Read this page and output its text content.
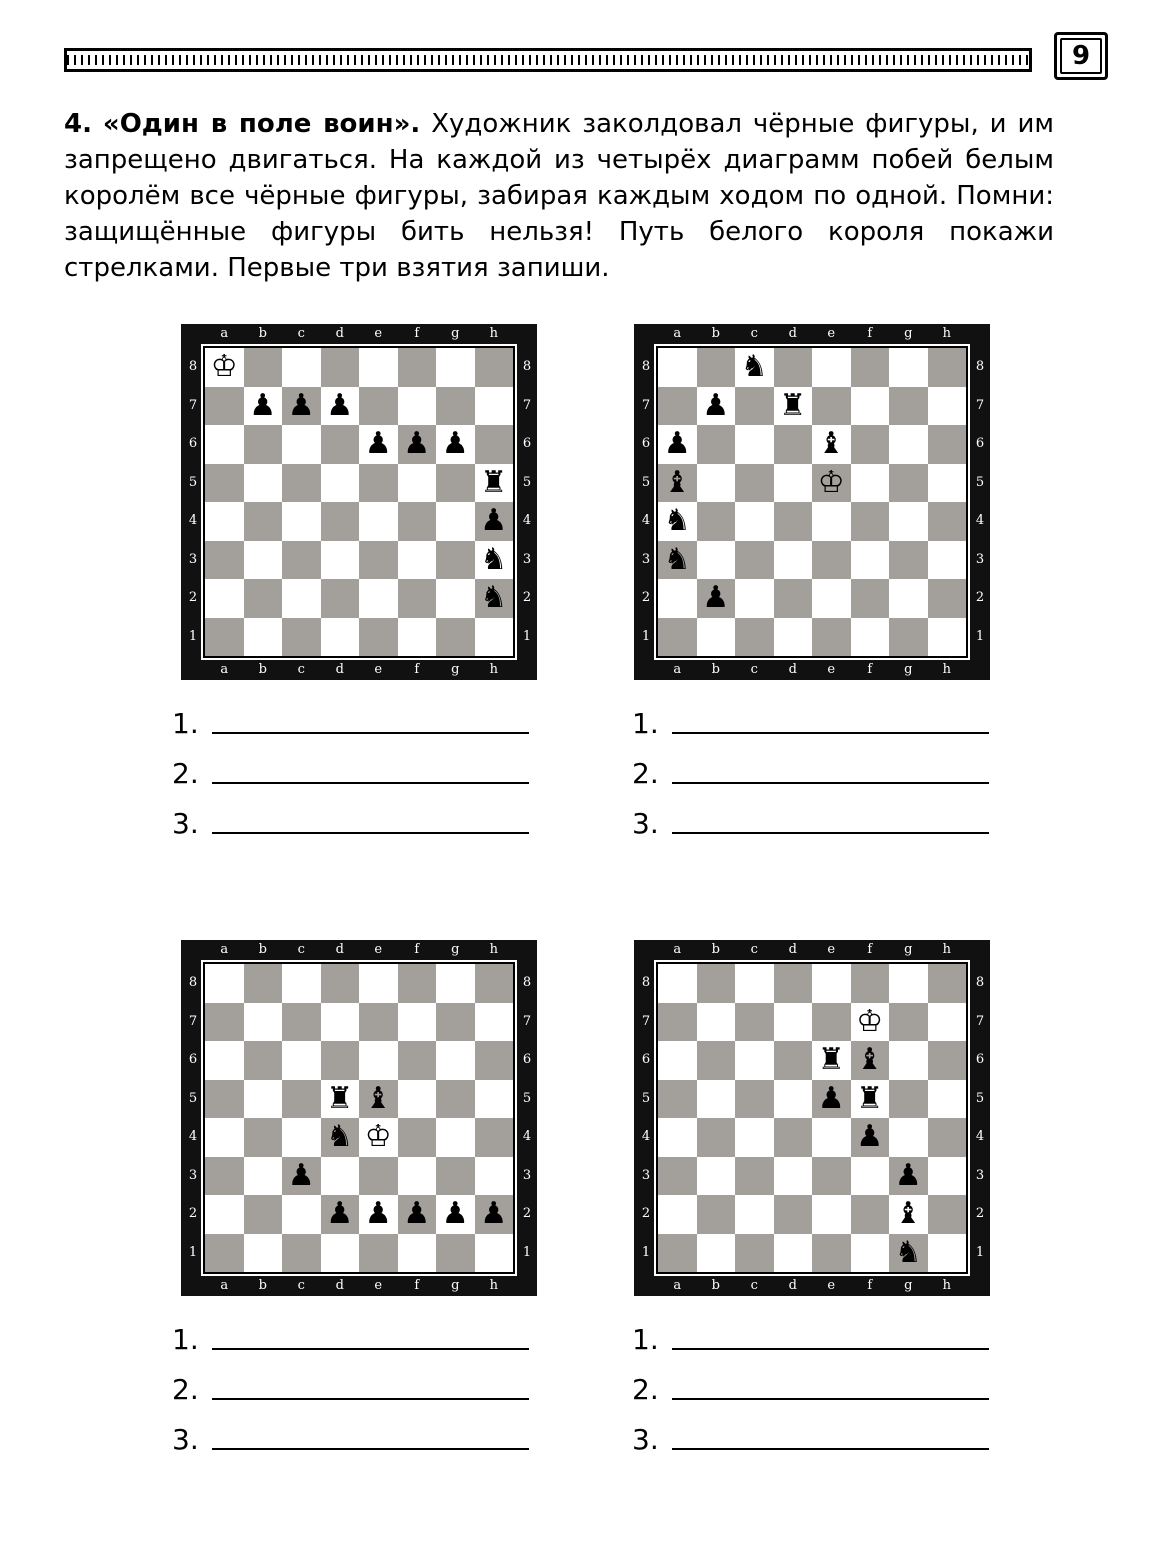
9
4. «Один в поле воин». Художник заколдовал чёрные фигуры, и им запрещено двигаться. На каждой из четырёх диаграмм побей белым королём все чёрные фигуры, забирая каждым ходом по одной. Помни: защищённые фигуры бить нельзя! Путь белого короля покажи стрелками. Первые три взятия запиши.
a
a
b
b
c
c
d
d
e
e
f
f
g
g
h
h
8	8
7	7
6	6
5	5
4	4
3	3
2	2
1	1
♔
♟ ♟ ♟
♟ ♟ ♟
♜
♟
♞
♞
a
a
b
b
c
c
d
d
e
e
f
f
g
g
h
h
8	8
7	7
6	6
5	5
4	4
3	3
2	2
1	1
♞
♟ ♜
♟	♝
♝	♔
♞
♞
♟
a
a
b
b
c
c
d
d
e
e
f
f
g
g
h
h
8	8
7	7
6	6
5	5
4	4
3	3
2	2
1	1
♜ ♝
♞ ♔
♟
♟ ♟ ♟ ♟ ♟
a
a
b
b
c
c
d
d
e
e
f
f
g
g
h
h
8	8
7	7
6	6
5	5
4	4
3	3
2	2
1	1
♔
♜ ♝
♟ ♜
♟
♟
♝
♞
1.
2.
3.
1.
2.
3.
1.
2.
3.
1.
2.
3.
